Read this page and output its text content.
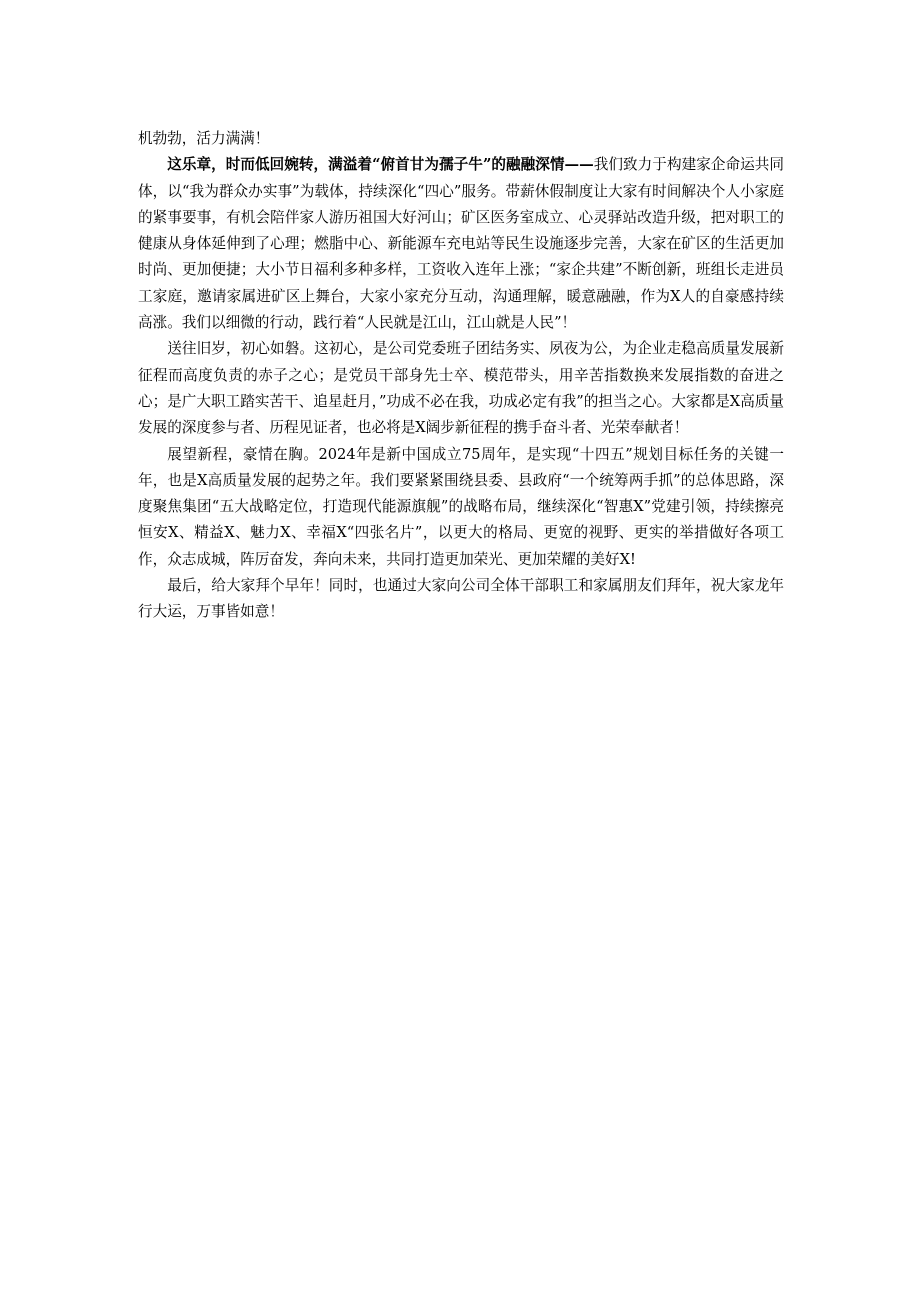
机勃勃，活力满满！

这乐章，时而低回婉转，满溢着“俯首甘为孺子牛”的融融深情——我们致力于构建家企命运共同体，以“我为群众办实事”为载体，持续深化“四心”服务。带薪休假制度让大家有时间解决个人小家庭的紧事要事，有机会陪伴家人游历祖国大好河山；矿区医务室成立、心灵驿站改造升级，把对职工的健康从身体延伸到了心理；燃脂中心、新能源车充电站等民生设施逐步完善，大家在矿区的生活更加时尚、更加便捷；大小节日福利多种多样，工资收入连年上涨；“家企共建”不断创新，班组长走进员工家庭，邀请家属进矿区上舞台，大家小家充分互动，沟通理解，暖意融融，作为X人的自豪感持续高涨。我们以细微的行动，践行着“人民就是江山，江山就是人民”！

送往旧岁，初心如磐。这初心，是公司党委班子团结务实、夙夜为公，为企业走稳高质量发展新征程而高度负责的赤子之心；是党员干部身先士卒、模范带头，用辛苦指数换来发展指数的奋进之心；是广大职工踏实苦干、追星赶月，”功成不必在我，功成必定有我”的担当之心。大家都是X高质量发展的深度参与者、历程见证者，也必将是X阔步新征程的携手奋斗者、光荣奉献者！

展望新程，豪情在胸。2024年是新中国成立75周年，是实现“十四五”规划目标任务的关键一年，也是X高质量发展的起势之年。我们要紧紧围绕县委、县政府“一个统筹两手抓”的总体思路，深度聚焦集团“五大战略定位，打造现代能源旗舰”的战略布局，继续深化“智惠X”党建引领，持续擦亮恒安X、精益X、魅力X、幸福X“四张名片”，以更大的格局、更宽的视野、更实的举措做好各项工作，众志成城，阵厉奋发，奔向未来，共同打造更加荣光、更加荣耀的美好X!

最后，给大家拜个早年！同时，也通过大家向公司全体干部职工和家属朋友们拜年，祝大家龙年行大运，万事皆如意！
